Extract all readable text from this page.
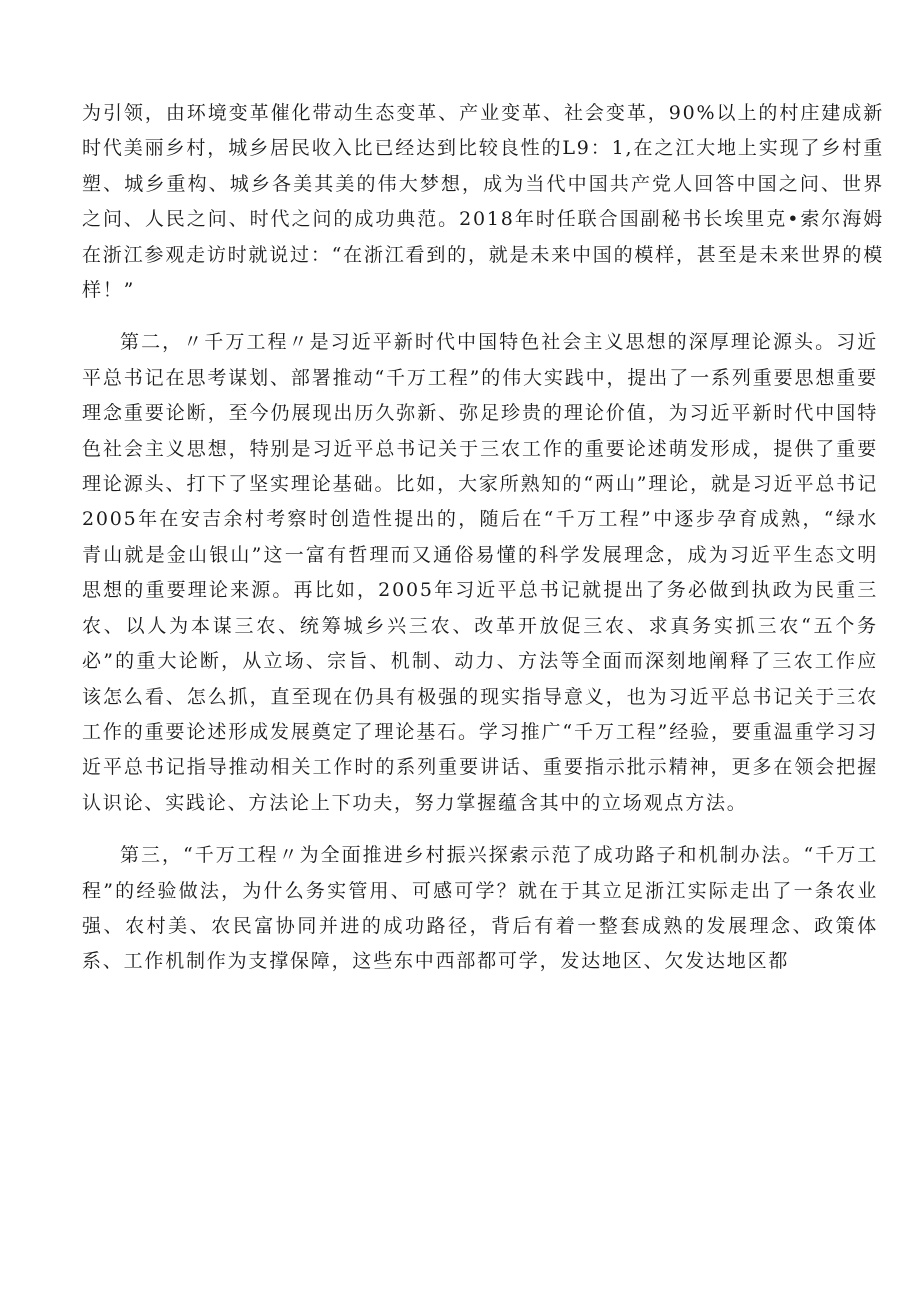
为引领，由环境变革催化带动生态变革、产业变革、社会变革，90%以上的村庄建成新时代美丽乡村，城乡居民收入比已经达到比较良性的L9：1,在之江大地上实现了乡村重塑、城乡重构、城乡各美其美的伟大梦想，成为当代中国共产党人回答中国之问、世界之问、人民之问、时代之问的成功典范。2018年时任联合国副秘书长埃里克•索尔海姆在浙江参观走访时就说过：“在浙江看到的，就是未来中国的模样，甚至是未来世界的模样！”

第二，〃千万工程〃是习近平新时代中国特色社会主义思想的深厚理论源头。习近平总书记在思考谋划、部署推动“千万工程”的伟大实践中，提出了一系列重要思想重要理念重要论断，至今仍展现出历久弥新、弥足珍贵的理论价值，为习近平新时代中国特色社会主义思想，特别是习近平总书记关于三农工作的重要论述萌发形成，提供了重要理论源头、打下了坚实理论基础。比如，大家所熟知的“两山”理论，就是习近平总书记2005年在安吉余村考察时创造性提出的，随后在“千万工程”中逐步孕育成熟，“绿水青山就是金山银山”这一富有哲理而又通俗易懂的科学发展理念，成为习近平生态文明思想的重要理论来源。再比如，2005年习近平总书记就提出了务必做到执政为民重三农、以人为本谋三农、统筹城乡兴三农、改革开放促三农、求真务实抓三农“五个务必”的重大论断，从立场、宗旨、机制、动力、方法等全面而深刻地阐释了三农工作应该怎么看、怎么抓，直至现在仍具有极强的现实指导意义，也为习近平总书记关于三农工作的重要论述形成发展奠定了理论基石。学习推广“千万工程”经验，要重温重学习习近平总书记指导推动相关工作时的系列重要讲话、重要指示批示精神，更多在领会把握认识论、实践论、方法论上下功夫，努力掌握蕴含其中的立场观点方法。

第三，“千万工程〃为全面推进乡村振兴探索示范了成功路子和机制办法。“千万工程”的经验做法，为什么务实管用、可感可学？就在于其立足浙江实际走出了一条农业强、农村美、农民富协同并进的成功路径，背后有着一整套成熟的发展理念、政策体系、工作机制作为支撑保障，这些东中西部都可学，发达地区、欠发达地区都
